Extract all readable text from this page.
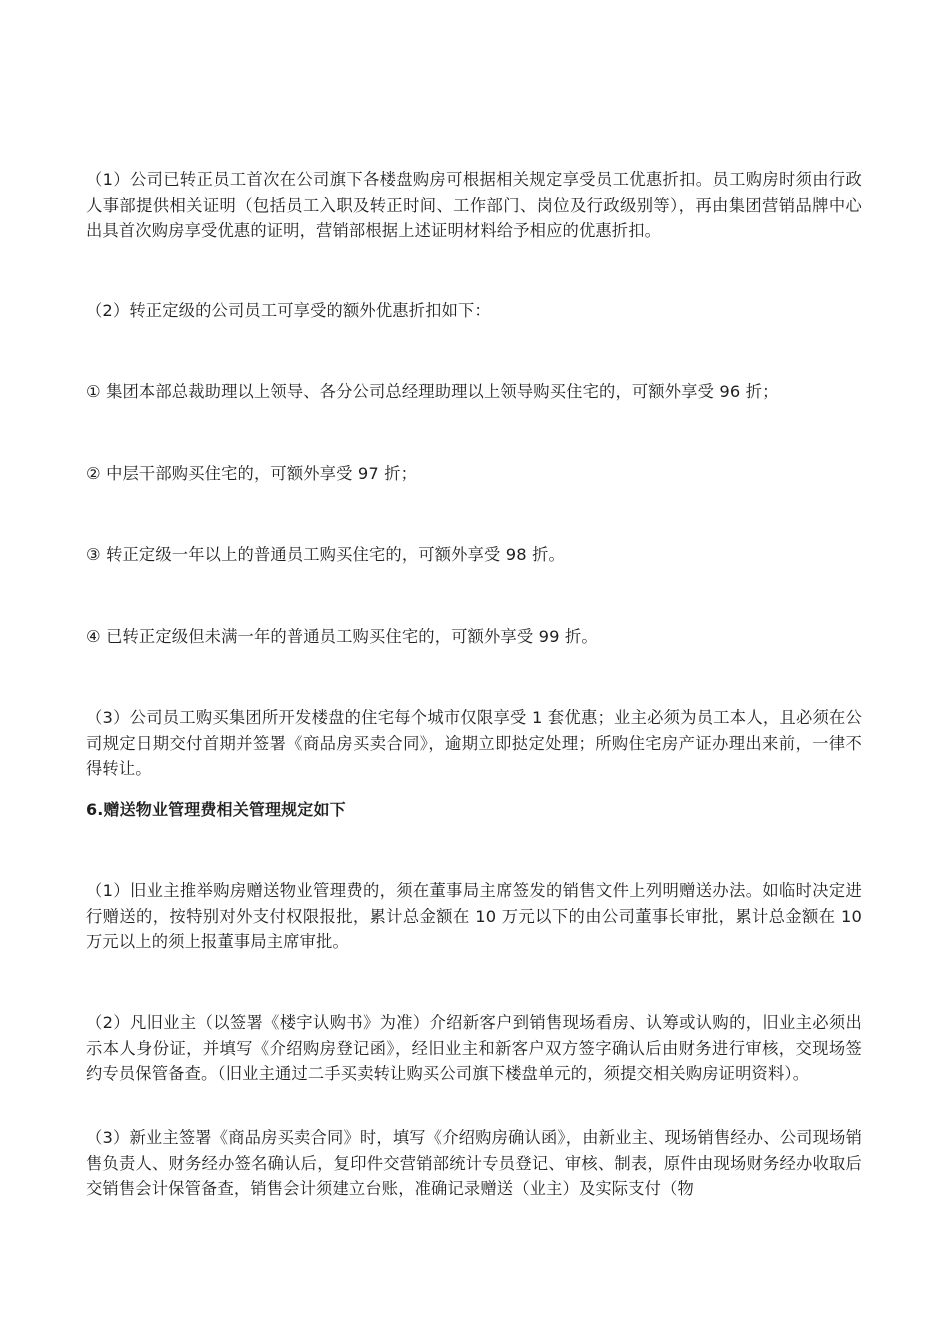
（1）公司已转正员工首次在公司旗下各楼盘购房可根据相关规定享受员工优惠折扣。员工购房时须由行政人事部提供相关证明（包括员工入职及转正时间、工作部门、岗位及行政级别等），再由集团营销品牌中心出具首次购房享受优惠的证明，营销部根据上述证明材料给予相应的优惠折扣。

（2）转正定级的公司员工可享受的额外优惠折扣如下：

① 集团本部总裁助理以上领导、各分公司总经理助理以上领导购买住宅的，可额外享受 96 折；

② 中层干部购买住宅的，可额外享受 97 折；

③ 转正定级一年以上的普通员工购买住宅的，可额外享受 98 折。

④ 已转正定级但未满一年的普通员工购买住宅的，可额外享受 99 折。

（3）公司员工购买集团所开发楼盘的住宅每个城市仅限享受 1 套优惠；业主必须为员工本人，且必须在公司规定日期交付首期并签署《商品房买卖合同》，逾期立即挞定处理；所购住宅房产证办理出来前，一律不得转让。

6.赠送物业管理费相关管理规定如下

（1）旧业主推举购房赠送物业管理费的，须在董事局主席签发的销售文件上列明赠送办法。如临时决定进行赠送的，按特别对外支付权限报批，累计总金额在 10 万元以下的由公司董事长审批，累计总金额在 10 万元以上的须上报董事局主席审批。

（2）凡旧业主（以签署《楼宇认购书》为准）介绍新客户到销售现场看房、认筹或认购的，旧业主必须出示本人身份证，并填写《介绍购房登记函》，经旧业主和新客户双方签字确认后由财务进行审核，交现场签约专员保管备查。（旧业主通过二手买卖转让购买公司旗下楼盘单元的，须提交相关购房证明资料）。

（3）新业主签署《商品房买卖合同》时，填写《介绍购房确认函》，由新业主、现场销售经办、公司现场销售负责人、财务经办签名确认后，复印件交营销部统计专员登记、审核、制表，原件由现场财务经办收取后交销售会计保管备查，销售会计须建立台账，准确记录赠送（业主）及实际支付（物
